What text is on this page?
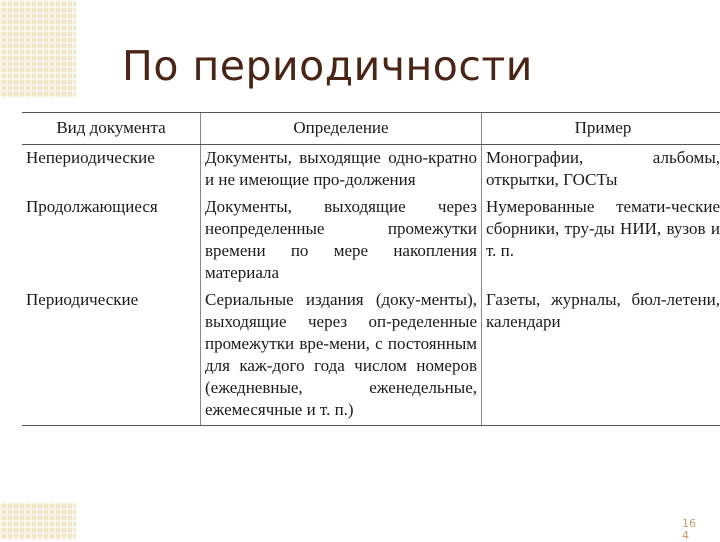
По периодичности
Вид документа	Определение	Пример
Непериодические	Документы, выходящие одно-кратно и не имеющие про-должения	Монографии, альбомы, открытки, ГОСТы
Продолжающиеся	Документы, выходящие через неопределенные промежутки времени по мере накопления материала	Нумерованные темати-ческие сборники, тру-ды НИИ, вузов и т. п.
Периодические	Сериальные издания (доку-менты), выходящие через оп-ределенные промежутки вре-мени, с постоянным для каж-дого года числом номеров (ежедневные, еженедельные, ежемесячные и т. п.)	Газеты, журналы, бюл-летени, календари
16 4
